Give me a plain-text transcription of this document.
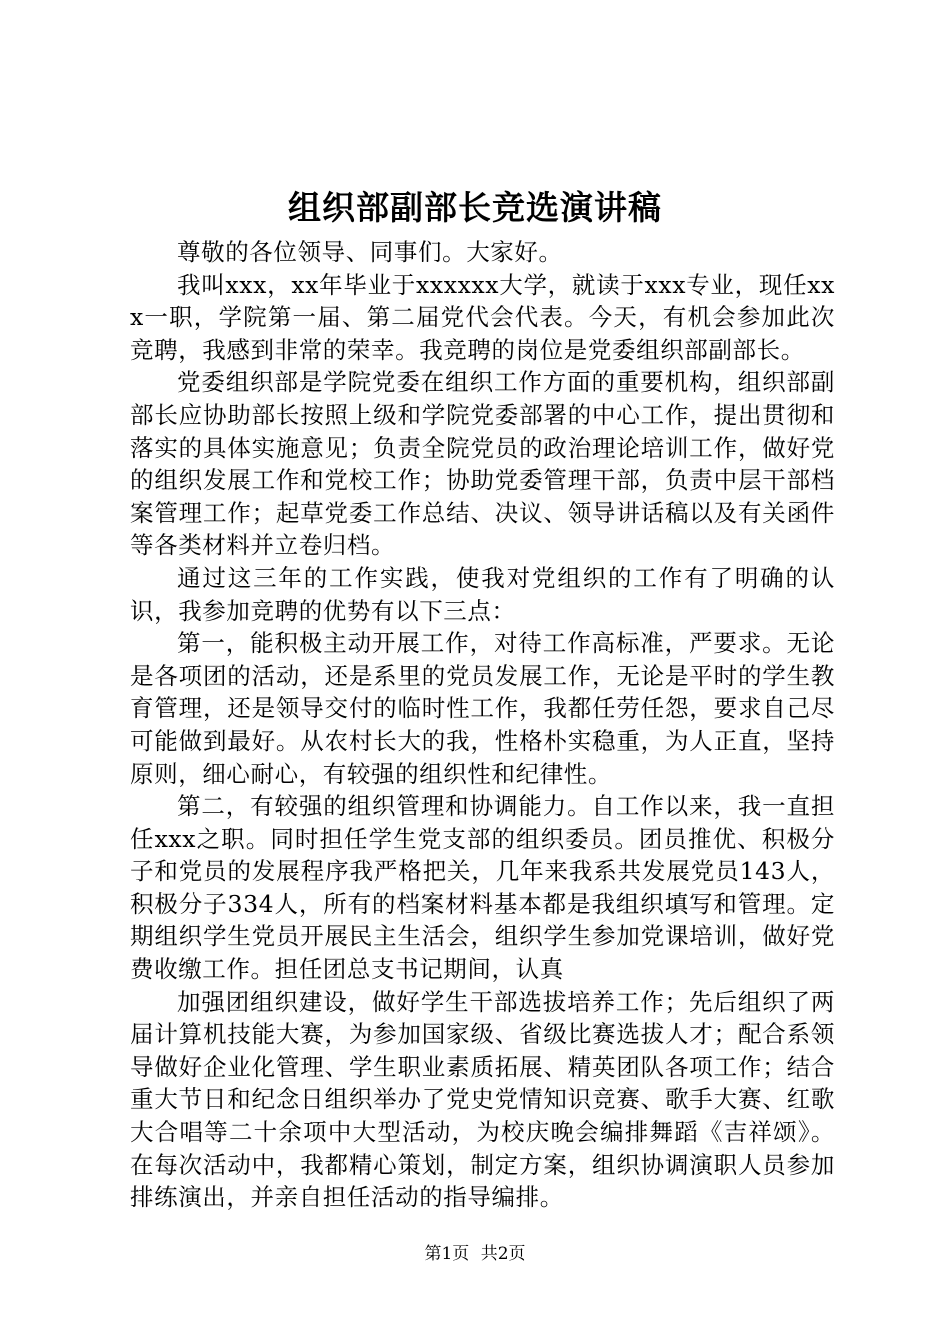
组织部副部长竞选演讲稿

尊敬的各位领导、同事们。大家好。

我叫xxx，xx年毕业于xxxxxx大学，就读于xxx专业，现任xxx一职，学院第一届、第二届党代会代表。今天，有机会参加此次竞聘，我感到非常的荣幸。我竞聘的岗位是党委组织部副部长。

党委组织部是学院党委在组织工作方面的重要机构，组织部副部长应协助部长按照上级和学院党委部署的中心工作，提出贯彻和落实的具体实施意见；负责全院党员的政治理论培训工作，做好党的组织发展工作和党校工作；协助党委管理干部，负责中层干部档案管理工作；起草党委工作总结、决议、领导讲话稿以及有关函件等各类材料并立卷归档。

通过这三年的工作实践，使我对党组织的工作有了明确的认识，我参加竞聘的优势有以下三点：

第一，能积极主动开展工作，对待工作高标准，严要求。无论是各项团的活动，还是系里的党员发展工作，无论是平时的学生教育管理，还是领导交付的临时性工作，我都任劳任怨，要求自己尽可能做到最好。从农村长大的我，性格朴实稳重，为人正直，坚持原则，细心耐心，有较强的组织性和纪律性。

第二，有较强的组织管理和协调能力。自工作以来，我一直担任xxx之职。同时担任学生党支部的组织委员。团员推优、积极分子和党员的发展程序我严格把关，几年来我系共发展党员143人，积极分子334人，所有的档案材料基本都是我组织填写和管理。定期组织学生党员开展民主生活会，组织学生参加党课培训，做好党费收缴工作。担任团总支书记期间，认真

加强团组织建设，做好学生干部选拔培养工作；先后组织了两届计算机技能大赛，为参加国家级、省级比赛选拔人才；配合系领导做好企业化管理、学生职业素质拓展、精英团队各项工作；结合重大节日和纪念日组织举办了党史党情知识竞赛、歌手大赛、红歌大合唱等二十余项中大型活动，为校庆晚会编排舞蹈《吉祥颂》。在每次活动中，我都精心策划，制定方案，组织协调演职人员参加排练演出，并亲自担任活动的指导编排。

第1页 共2页
